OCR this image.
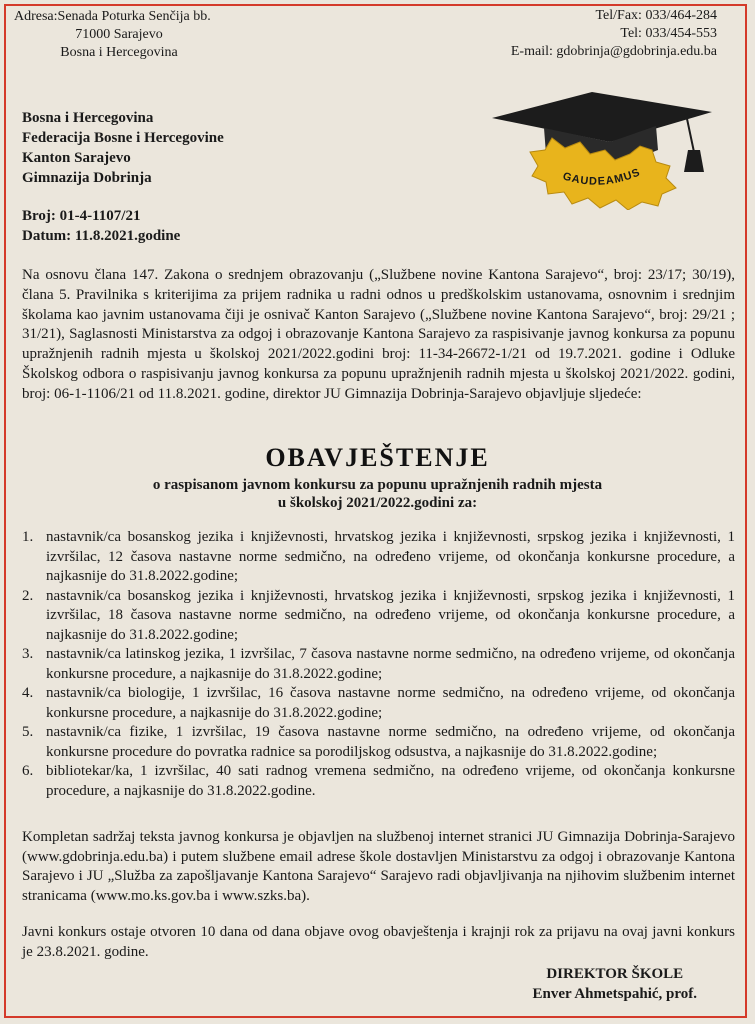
Adresa:Senada Poturka Senčija bb.
71000 Sarajevo
Bosna i Hercegovina
Tel/Fax: 033/464-284
Tel: 033/454-553
E-mail: gdobrinja@gdobrinja.edu.ba
Bosna i Hercegovina
Federacija Bosne i Hercegovine
Kanton Sarajevo
Gimnazija Dobrinja
Broj: 01-4-1107/21
Datum: 11.8.2021.godine
GAUDEAMUS
Na osnovu člana 147. Zakona o srednjem obrazovanju („Službene novine Kantona Sarajevo“, broj: 23/17; 30/19), člana 5. Pravilnika s kriterijima za prijem radnika u radni odnos u predškolskim ustanovama, osnovnim i srednjim školama kao javnim ustanovama čiji je osnivač Kanton Sarajevo („Službene novine Kantona Sarajevo“, broj: 29/21 ; 31/21), Saglasnosti Ministarstva za odgoj i obrazovanje Kantona Sarajevo za raspisivanje javnog konkursa za popunu upražnjenih radnih mjesta u školskoj 2021/2022.godini broj: 11-34-26672-1/21 od 19.7.2021. godine i Odluke Školskog odbora o raspisivanju javnog konkursa za popunu upražnjenih radnih mjesta u školskoj 2021/2022. godini, broj: 06-1-1106/21 od 11.8.2021. godine, direktor JU Gimnazija Dobrinja-Sarajevo objavljuje sljedeće:
OBAVJEŠTENJE
o raspisanom javnom konkursu za popunu upražnjenih radnih mjesta
u školskoj 2021/2022.godini za:
1. nastavnik/ca bosanskog jezika i književnosti, hrvatskog jezika i književnosti, srpskog jezika i književnosti, 1 izvršilac, 12 časova nastavne norme sedmično, na određeno vrijeme, od okončanja konkursne procedure, a najkasnije do 31.8.2022.godine;
2. nastavnik/ca bosanskog jezika i književnosti, hrvatskog jezika i književnosti, srpskog jezika i književnosti, 1 izvršilac, 18 časova nastavne norme sedmično, na određeno vrijeme, od okončanja konkursne procedure, a najkasnije do 31.8.2022.godine;
3. nastavnik/ca latinskog jezika, 1 izvršilac, 7 časova nastavne norme sedmično, na određeno vrijeme, od okončanja konkursne procedure, a najkasnije do 31.8.2022.godine;
4. nastavnik/ca biologije, 1 izvršilac, 16 časova nastavne norme sedmično, na određeno vrijeme, od okončanja konkursne procedure, a najkasnije do 31.8.2022.godine;
5. nastavnik/ca fizike, 1 izvršilac, 19 časova nastavne norme sedmično, na određeno vrijeme, od okončanja konkursne procedure do povratka radnice sa porodiljskog odsustva, a najkasnije do 31.8.2022.godine;
6. bibliotekar/ka, 1 izvršilac, 40 sati radnog vremena sedmično, na određeno vrijeme, od okončanja konkursne procedure, a najkasnije do 31.8.2022.godine.
Kompletan sadržaj teksta javnog konkursa je objavljen na službenoj internet stranici JU Gimnazija Dobrinja-Sarajevo (www.gdobrinja.edu.ba) i putem službene email adrese škole dostavljen Ministarstvu za odgoj i obrazovanje Kantona Sarajevo i JU „Služba za zapošljavanje Kantona Sarajevo“ Sarajevo radi objavljivanja na njihovim službenim internet stranicama (www.mo.ks.gov.ba i www.szks.ba).
Javni konkurs ostaje otvoren 10 dana od dana objave ovog obavještenja i krajnji rok za prijavu na ovaj javni konkurs je 23.8.2021. godine.
DIREKTOR ŠKOLE
Enver Ahmetspahić, prof.
